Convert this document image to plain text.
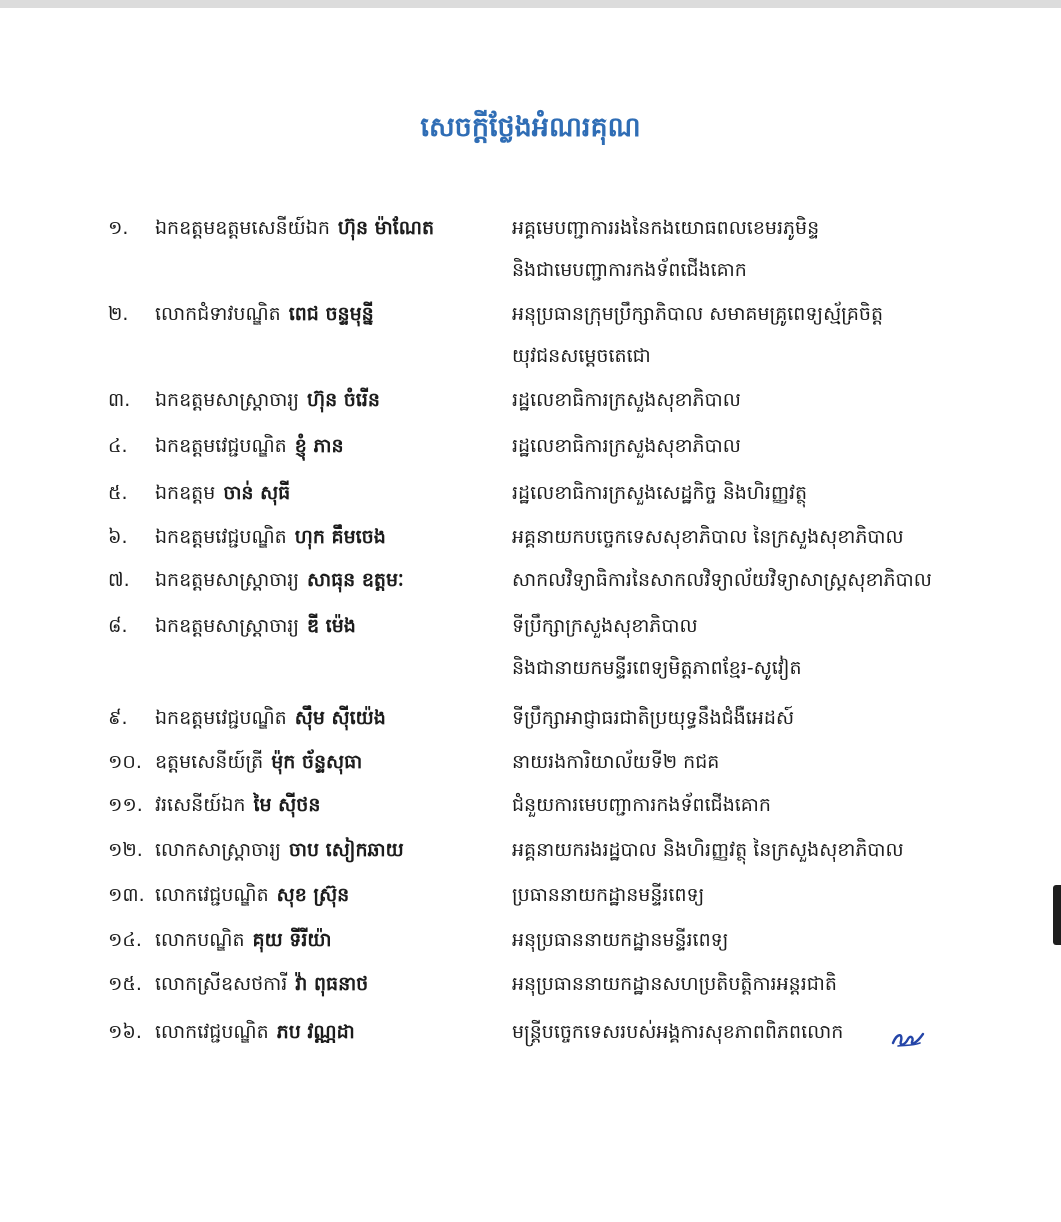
សេចក្តីថ្លែងអំណរគុណ
១. ឯកឧត្តមឧត្តមសេនីយ៍ឯក ហ៊ុន ម៉ាណែត	អគ្គមេបញ្ជាការរងនៃកងយោធពលខេមរភូមិន្ទ
និងជាមេបញ្ជាការកងទ័ពជើងគោក
២. លោកជំទាវបណ្ឌិត ពេជ ចន្ទមុន្នី	អនុប្រធានក្រុមប្រឹក្សាភិបាល សមាគមគ្រូពេទ្យស្ម័គ្រចិត្ត
យុវជនសម្តេចតេជោ
៣. ឯកឧត្តមសាស្ត្រាចារ្យ ហ៊ុន ចំរើន	រដ្ឋលេខាធិការក្រសួងសុខាភិបាល
៤. ឯកឧត្តមវេជ្ជបណ្ឌិត ខ្ញុំ ភាន	រដ្ឋលេខាធិការក្រសួងសុខាភិបាល
៥. ឯកឧត្តម ចាន់ សុធី	រដ្ឋលេខាធិការក្រសួងសេដ្ឋកិច្ច និងហិរញ្ញវត្ថុ
៦. ឯកឧត្តមវេជ្ជបណ្ឌិត ហុក គឹមចេង	អគ្គនាយកបច្ចេកទេសសុខាភិបាល នៃក្រសួងសុខាភិបាល
៧. ឯកឧត្តមសាស្ត្រាចារ្យ សាធុន ឧត្តមៈ	សាកលវិទ្យាធិការនៃសាកលវិទ្យាល័យវិទ្យាសាស្ត្រសុខាភិបាល
៨. ឯកឧត្តមសាស្ត្រាចារ្យ ឌី ម៉េង	ទីប្រឹក្សាក្រសួងសុខាភិបាល
និងជានាយកមន្ទីរពេទ្យមិត្តភាពខ្មែរ-សូវៀត
៩. ឯកឧត្តមវេជ្ជបណ្ឌិត ស៊ឹម ស៊ីយ៉េង	ទីប្រឹក្សាអាជ្ញាធរជាតិប្រយុទ្ធនឹងជំងឺអេដស៍
១០. ឧត្តមសេនីយ៍ត្រី ម៉ុក ច័ន្ទសុធា	នាយរងការិយាល័យទី២ កជគ
១១. វរសេនីយ៍ឯក មៃ ស៊ីថន	ជំនួយការមេបញ្ជាការកងទ័ពជើងគោក
១២. លោកសាស្ត្រាចារ្យ ចាប សៀកឆាយ	អគ្គនាយករងរដ្ឋបាល និងហិរញ្ញវត្ថុ នៃក្រសួងសុខាភិបាល
១៣. លោកវេជ្ជបណ្ឌិត សុខ ស្រ៊ុន	ប្រធាននាយកដ្ឋានមន្ទីរពេទ្យ
១៤. លោកបណ្ឌិត គុយ ទីរីយ៉ា	អនុប្រធាននាយកដ្ឋានមន្ទីរពេទ្យ
១៥. លោកស្រីឧសថការី វ៉ា ពុធនាថ	អនុប្រធាននាយកដ្ឋានសហប្រតិបត្តិការអន្តរជាតិ
១៦. លោកវេជ្ជបណ្ឌិត ភប វណ្ណដា	មន្ត្រីបច្ចេកទេសរបស់អង្គការសុខភាពពិភពលោក
